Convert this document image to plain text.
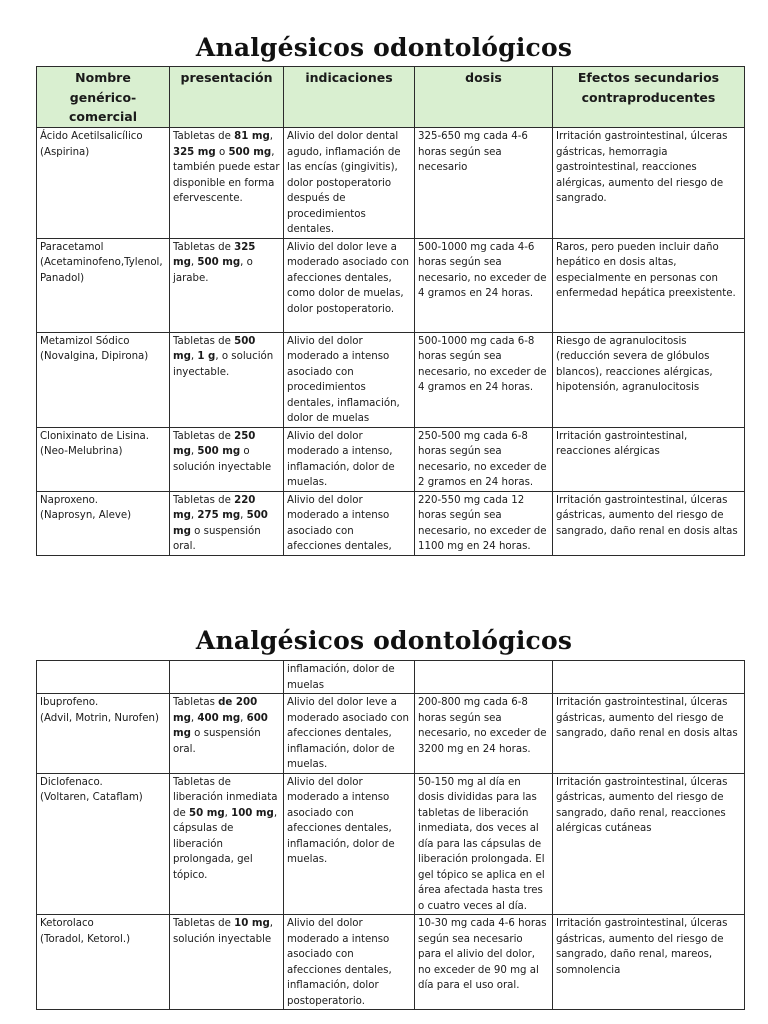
Analgésicos odontológicos
Nombre genérico-comercial	presentación	indicaciones	dosis	Efectos secundarios contraproducentes

Ácido Acetilsalicílico
(Aspirina)	Tabletas de 81 mg, 325 mg o 500 mg, también puede estar disponible en forma efervescente.	Alivio del dolor dental agudo, inflamación de las encías (gingivitis), dolor postoperatorio después de procedimientos dentales.	325-650 mg cada 4-6 horas según sea necesario	Irritación gastrointestinal, úlceras gástricas, hemorragia gastrointestinal, reacciones alérgicas, aumento del riesgo de sangrado.

Paracetamol
(Acetaminofeno,Tylenol,
Panadol)	Tabletas de 325 mg, 500 mg, o jarabe.	Alivio del dolor leve a moderado asociado con afecciones dentales, como dolor de muelas, dolor postoperatorio.	500-1000 mg cada 4-6 horas según sea necesario, no exceder de 4 gramos en 24 horas.	Raros, pero pueden incluir daño hepático en dosis altas, especialmente en personas con enfermedad hepática preexistente.

Metamizol Sódico
(Novalgina, Dipirona)	Tabletas de 500 mg, 1 g, o solución inyectable.	Alivio del dolor moderado a intenso asociado con procedimientos dentales, inflamación, dolor de muelas	500-1000 mg cada 6-8 horas según sea necesario, no exceder de 4 gramos en 24 horas.	Riesgo de agranulocitosis (reducción severa de glóbulos blancos), reacciones alérgicas, hipotensión, agranulocitosis

Clonixinato de Lisina.
(Neo-Melubrina)	Tabletas de 250 mg, 500 mg o solución inyectable	Alivio del dolor moderado a intenso, inflamación, dolor de muelas.	250-500 mg cada 6-8 horas según sea necesario, no exceder de 2 gramos en 24 horas.	Irritación gastrointestinal, reacciones alérgicas

Naproxeno.
(Naprosyn, Aleve)	Tabletas de 220 mg, 275 mg, 500 mg o suspensión oral.	Alivio del dolor moderado a intenso asociado con afecciones dentales,	220-550 mg cada 12 horas según sea necesario, no exceder de 1100 mg en 24 horas.	Irritación gastrointestinal, úlceras gástricas, aumento del riesgo de sangrado, daño renal en dosis altas
Analgésicos odontológicos
		inflamación, dolor de muelas		

Ibuprofeno.
(Advil, Motrin, Nurofen)	Tabletas de 200 mg, 400 mg, 600 mg o suspensión oral.	Alivio del dolor leve a moderado asociado con afecciones dentales, inflamación, dolor de muelas.	200-800 mg cada 6-8 horas según sea necesario, no exceder de 3200 mg en 24 horas.	Irritación gastrointestinal, úlceras gástricas, aumento del riesgo de sangrado, daño renal en dosis altas

Diclofenaco.
(Voltaren, Cataflam)	Tabletas de liberación inmediata de 50 mg, 100 mg, cápsulas de liberación prolongada, gel tópico.	Alivio del dolor moderado a intenso asociado con afecciones dentales, inflamación, dolor de muelas.	50-150 mg al día en dosis divididas para las tabletas de liberación inmediata, dos veces al día para las cápsulas de liberación prolongada. El gel tópico se aplica en el área afectada hasta tres o cuatro veces al día.	Irritación gastrointestinal, úlceras gástricas, aumento del riesgo de sangrado, daño renal, reacciones alérgicas cutáneas

Ketorolaco
(Toradol, Ketorol.)	Tabletas de 10 mg, solución inyectable	Alivio del dolor moderado a intenso asociado con afecciones dentales, inflamación, dolor postoperatorio.	10-30 mg cada 4-6 horas según sea necesario para el alivio del dolor, no exceder de 90 mg al día para el uso oral.	Irritación gastrointestinal, úlceras gástricas, aumento del riesgo de sangrado, daño renal, mareos, somnolencia
